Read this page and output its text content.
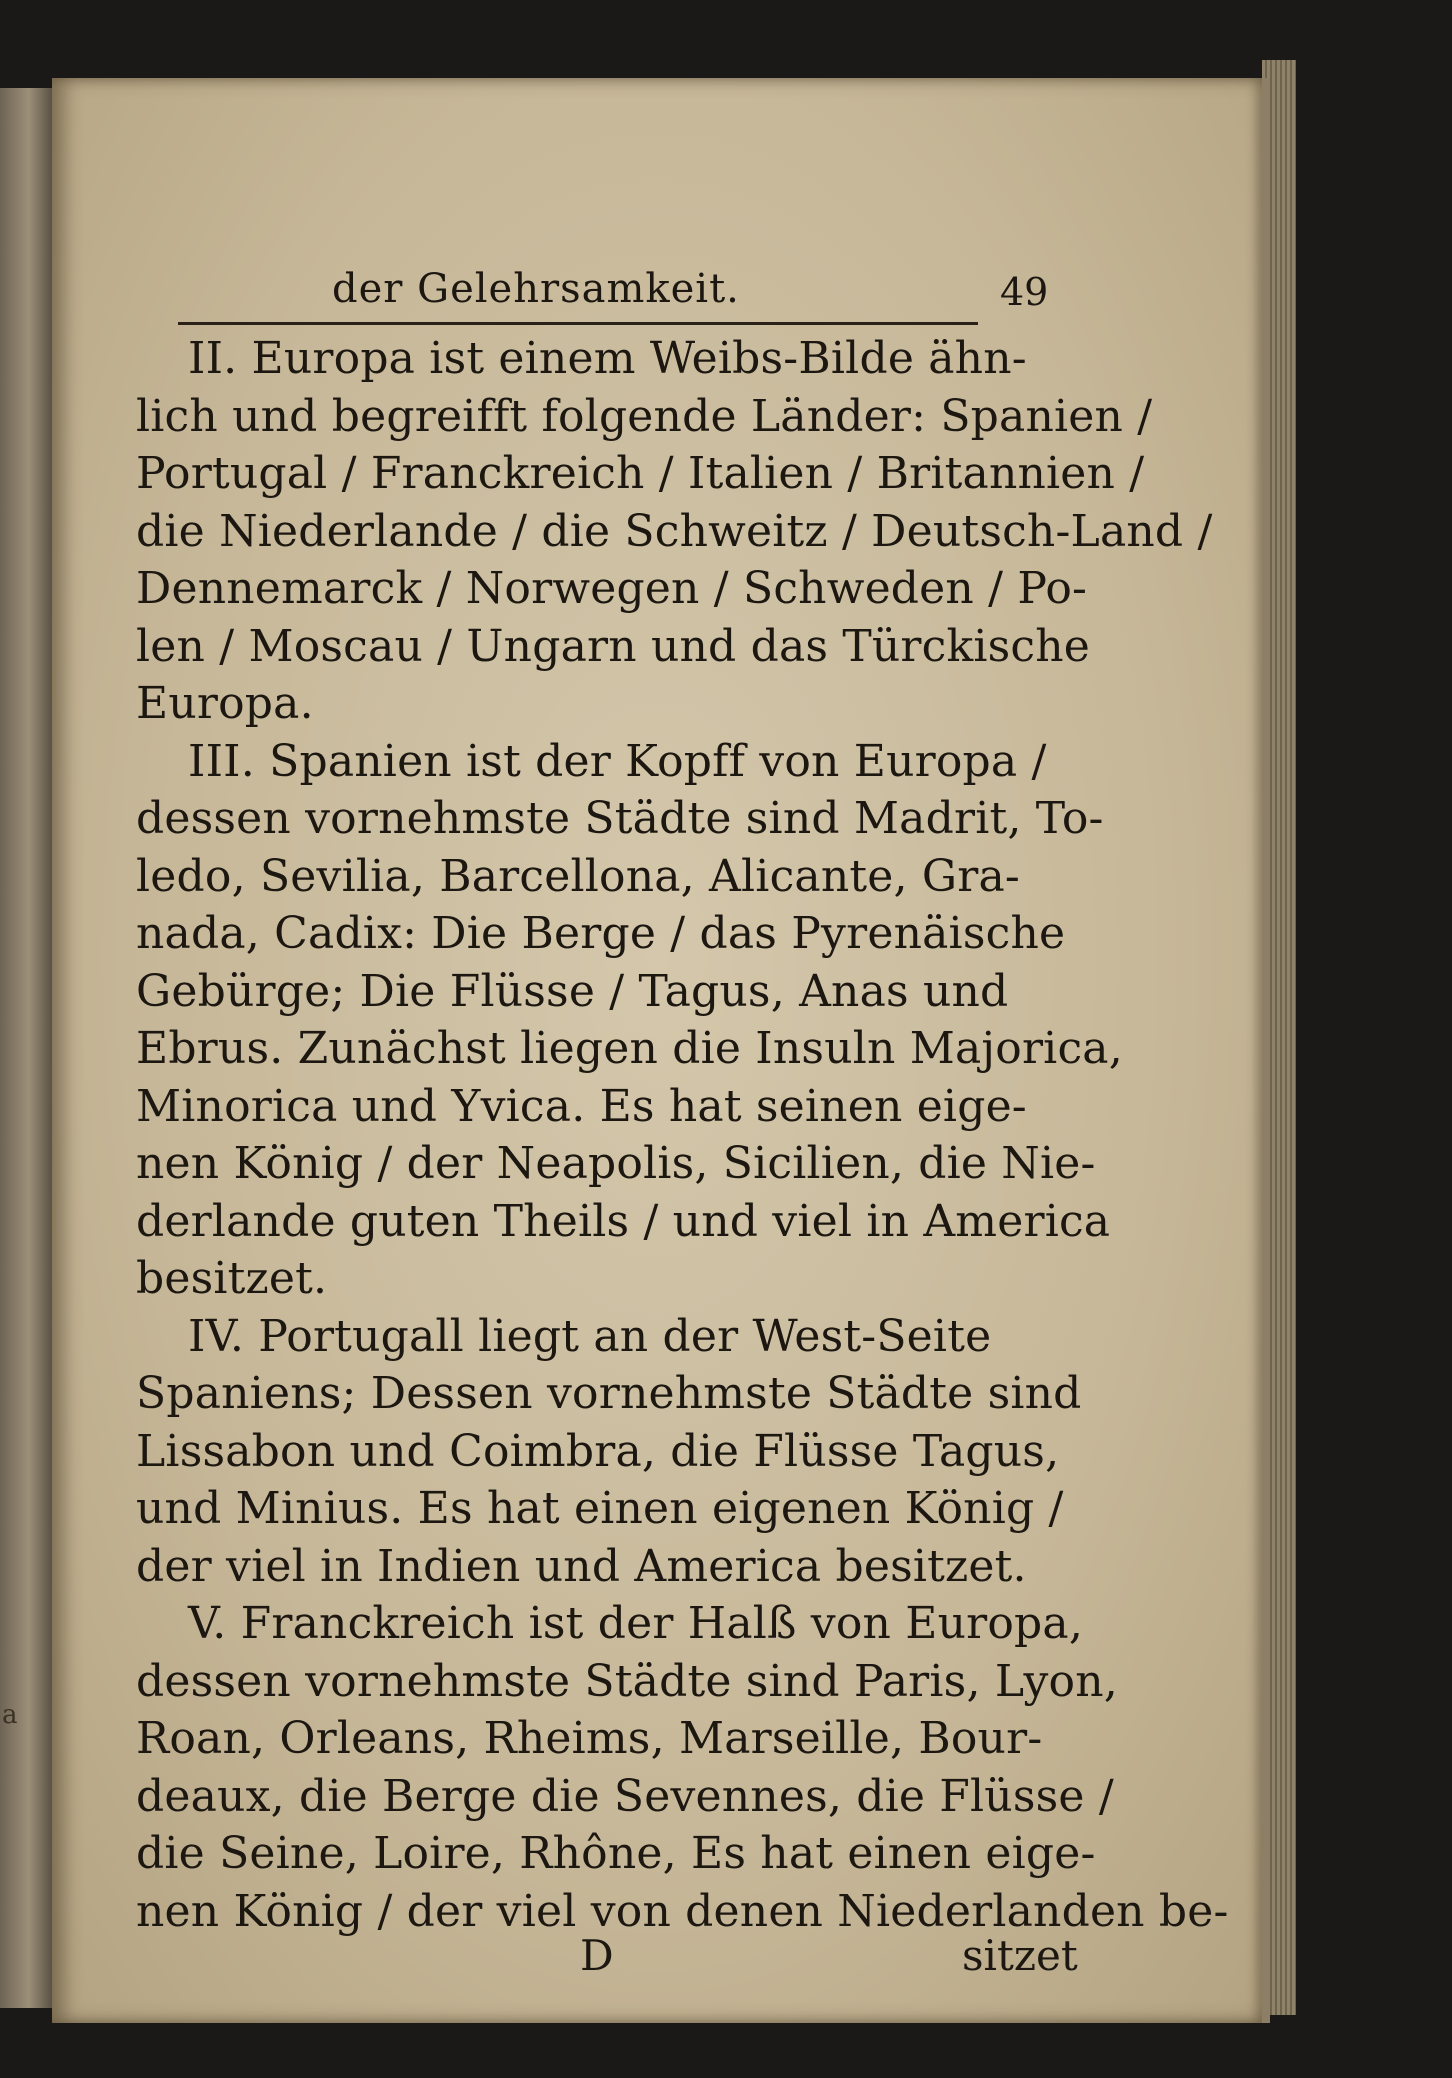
a
der Gelehrsamkeit.	49
II. Europa ist einem Weibs-Bilde ähn-
lich und begreifft folgende Länder: Spanien /
Portugal / Franckreich / Italien / Britannien /
die Niederlande / die Schweitz / Deutsch-Land /
Dennemarck / Norwegen / Schweden / Po-
len / Moscau / Ungarn und das Türckische
Europa.
III. Spanien ist der Kopff von Europa /
dessen vornehmste Städte sind Madrit, To-
ledo, Sevilia, Barcellona, Alicante, Gra-
nada, Cadix: Die Berge / das Pyrenäische
Gebürge; Die Flüsse / Tagus, Anas und
Ebrus. Zunächst liegen die Insuln Majorica,
Minorica und Yvica. Es hat seinen eige-
nen König / der Neapolis, Sicilien, die Nie-
derlande guten Theils / und viel in America
besitzet.
IV. Portugall liegt an der West-Seite
Spaniens; Dessen vornehmste Städte sind
Lissabon und Coimbra, die Flüsse Tagus,
und Minius. Es hat einen eigenen König /
der viel in Indien und America besitzet.
V. Franckreich ist der Halß von Europa,
dessen vornehmste Städte sind Paris, Lyon,
Roan, Orleans, Rheims, Marseille, Bour-
deaux, die Berge die Sevennes, die Flüsse /
die Seine, Loire, Rhône, Es hat einen eige-
nen König / der viel von denen Niederlanden be-
D	sitzet
